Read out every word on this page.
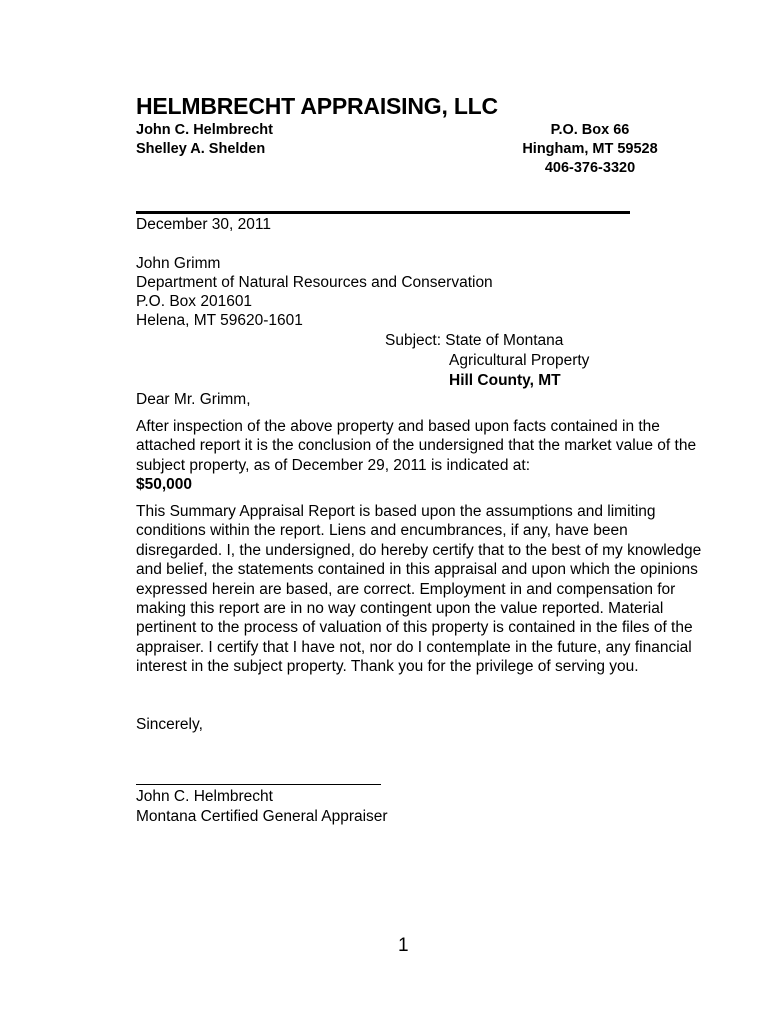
HELMBRECHT APPRAISING, LLC
John C. Helmbrecht
Shelley A. Shelden
P.O. Box 66
Hingham, MT 59528
406-376-3320
December 30, 2011
John Grimm
Department of Natural Resources and Conservation
P.O. Box 201601
Helena, MT 59620-1601
Subject: State of Montana
Agricultural Property
Hill County, MT
Dear Mr. Grimm,
After inspection of the above property and based upon facts contained in the attached report it is the conclusion of the undersigned that the market value of the subject property, as of December 29, 2011 is indicated at:
$50,000
This Summary Appraisal Report is based upon the assumptions and limiting conditions within the report. Liens and encumbrances, if any, have been disregarded. I, the undersigned, do hereby certify that to the best of my knowledge and belief, the statements contained in this appraisal and upon which the opinions expressed herein are based, are correct. Employment in and compensation for making this report are in no way contingent upon the value reported. Material pertinent to the process of valuation of this property is contained in the files of the appraiser. I certify that I have not, nor do I contemplate in the future, any financial interest in the subject property. Thank you for the privilege of serving you.
Sincerely,
John C. Helmbrecht
Montana Certified General Appraiser
1
